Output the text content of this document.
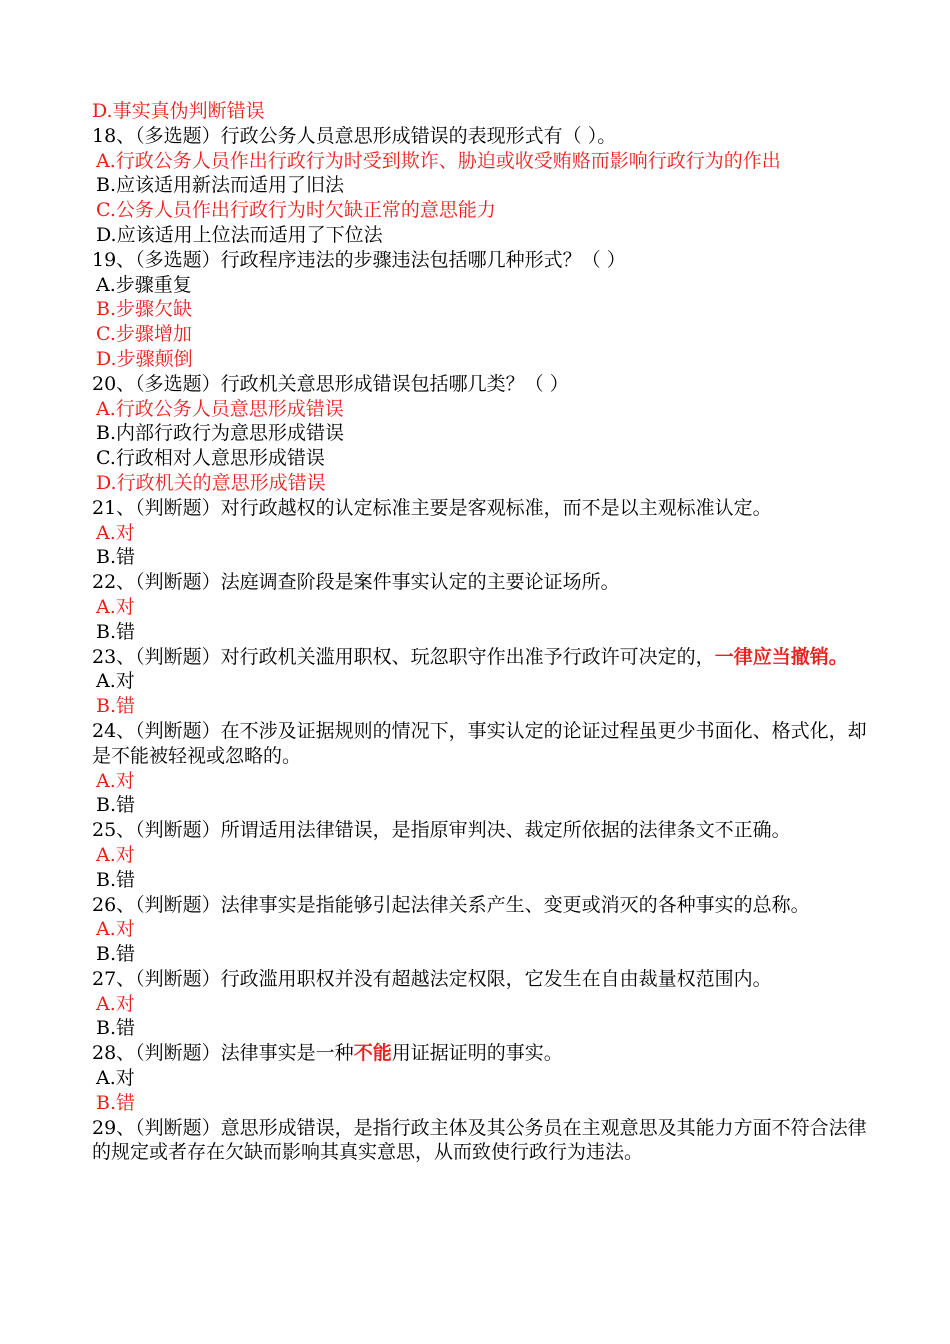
D.事实真伪判断错误

18、（多选题）行政公务人员意思形成错误的表现形式有（ ）。

A.行政公务人员作出行政行为时受到欺诈、胁迫或收受贿赂而影响行政行为的作出

B.应该适用新法而适用了旧法

C.公务人员作出行政行为时欠缺正常的意思能力

D.应该适用上位法而适用了下位法

19、（多选题）行政程序违法的步骤违法包括哪几种形式？（ ）

A.步骤重复

B.步骤欠缺

C.步骤增加

D.步骤颠倒

20、（多选题）行政机关意思形成错误包括哪几类？（ ）

A.行政公务人员意思形成错误

B.内部行政行为意思形成错误

C.行政相对人意思形成错误

D.行政机关的意思形成错误

21、（判断题）对行政越权的认定标准主要是客观标准，而不是以主观标准认定。

A.对

B.错

22、（判断题）法庭调查阶段是案件事实认定的主要论证场所。

A.对

B.错

23、（判断题）对行政机关滥用职权、玩忽职守作出准予行政许可决定的，一律应当撤销。

A.对

B.错

24、（判断题）在不涉及证据规则的情况下，事实认定的论证过程虽更少书面化、格式化，却是不能被轻视或忽略的。

A.对

B.错

25、（判断题）所谓适用法律错误，是指原审判决、裁定所依据的法律条文不正确。

A.对

B.错

26、（判断题）法律事实是指能够引起法律关系产生、变更或消灭的各种事实的总称。

A.对

B.错

27、（判断题）行政滥用职权并没有超越法定权限，它发生在自由裁量权范围内。

A.对

B.错

28、（判断题）法律事实是一种不能用证据证明的事实。

A.对

B.错

29、（判断题）意思形成错误，是指行政主体及其公务员在主观意思及其能力方面不符合法律的规定或者存在欠缺而影响其真实意思，从而致使行政行为违法。
